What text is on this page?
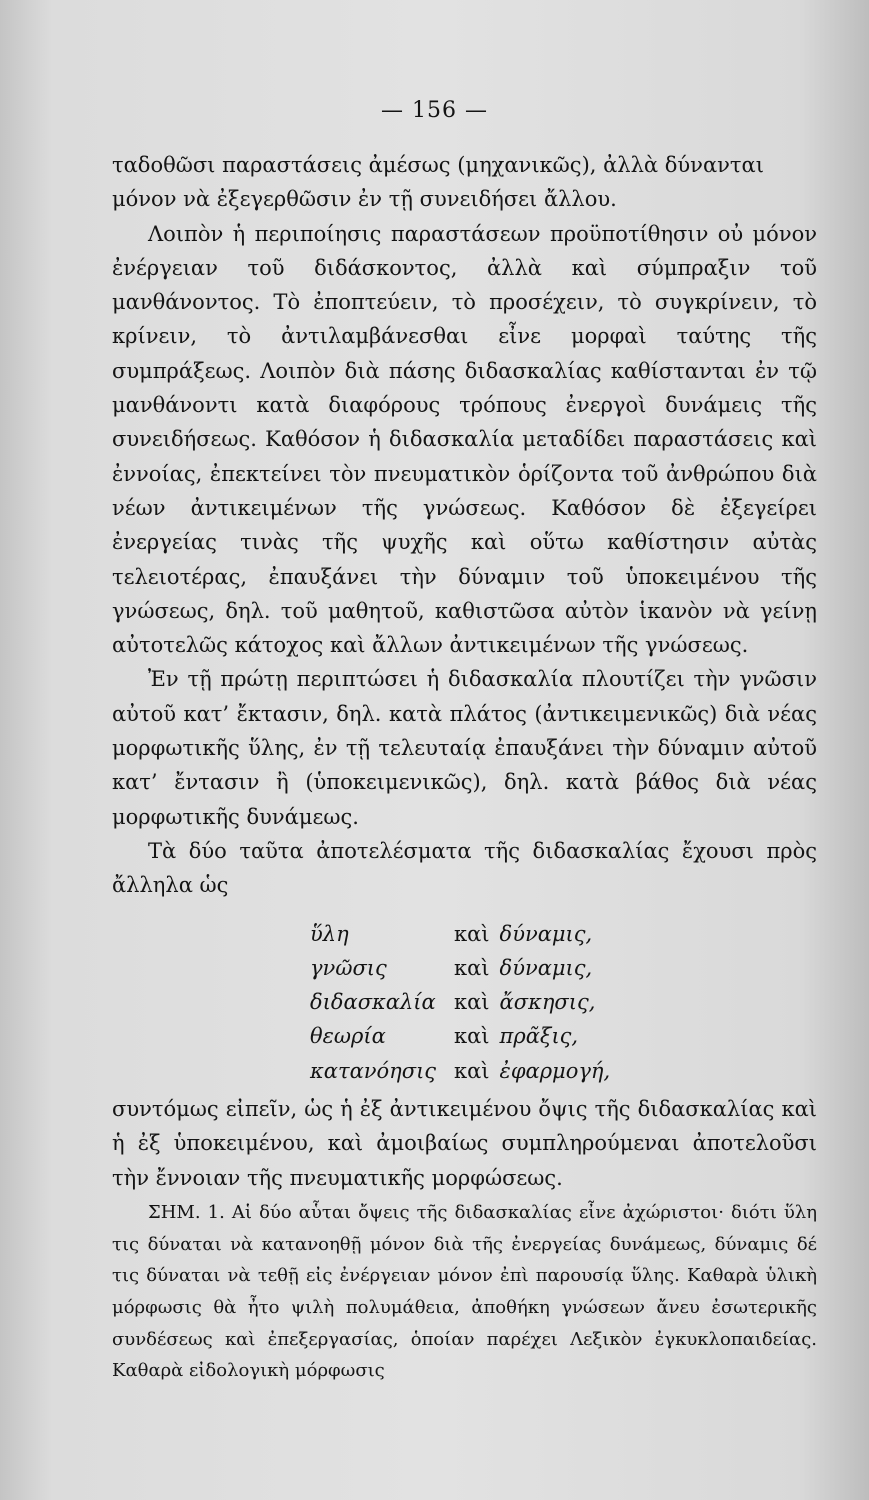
— 156 —

ταδοθῶσι παραστάσεις ἀμέσως (μηχανικῶς), ἀλλὰ δύνανται
μόνον νὰ ἐξεγερθῶσιν ἐν τῇ συνειδήσει ἄλλου.

Λοιπὸν ἡ περιποίησις παραστάσεων προϋποτίθησιν οὐ μόνον ἐνέργειαν τοῦ διδάσκοντος, ἀλλὰ καὶ σύμπραξιν τοῦ μανθάνοντος. Τὸ ἐποπτεύειν, τὸ προσέχειν, τὸ συγκρίνειν, τὸ κρίνειν, τὸ ἀντιλαμβάνεσθαι εἶνε μορφαὶ ταύτης τῆς συμπράξεως. Λοιπὸν διὰ πάσης διδασκαλίας καθίστανται ἐν τῷ μανθάνοντι κατὰ διαφόρους τρόπους ἐνεργοὶ δυνάμεις τῆς συνειδήσεως. Καθόσον ἡ διδασκαλία μεταδίδει παραστάσεις καὶ ἐννοίας, ἐπεκτείνει τὸν πνευματικὸν ὁρίζοντα τοῦ ἀνθρώπου διὰ νέων ἀντικειμένων τῆς γνώσεως. Καθόσον δὲ ἐξεγείρει ἐνεργείας τινὰς τῆς ψυχῆς καὶ οὕτω καθίστησιν αὐτὰς τελειοτέρας, ἐπαυξάνει τὴν δύναμιν τοῦ ὑποκειμένου τῆς γνώσεως, δηλ. τοῦ μαθητοῦ, καθιστῶσα αὐτὸν ἱκανὸν νὰ γείνῃ αὐτοτελῶς κάτοχος καὶ ἄλλων ἀντικειμένων τῆς γνώσεως.

Ἐν τῇ πρώτῃ περιπτώσει ἡ διδασκαλία πλουτίζει τὴν γνῶσιν αὐτοῦ κατ’ ἔκτασιν, δηλ. κατὰ πλάτος (ἀντικειμενικῶς) διὰ νέας μορφωτικῆς ὕλης, ἐν τῇ τελευταίᾳ ἐπαυξάνει τὴν δύναμιν αὐτοῦ κατ’ ἔντασιν ἢ (ὑποκειμενικῶς), δηλ. κατὰ βάθος διὰ νέας μορφωτικῆς δυνάμεως.

Τὰ δύο ταῦτα ἀποτελέσματα τῆς διδασκαλίας ἔχουσι πρὸς ἄλληλα ὡς

ὕλη	καὶ δύναμις,
γνῶσις	καὶ δύναμις,
διδασκαλία καὶ ἄσκησις,
θεωρία	καὶ πρᾶξις,
κατανόησις καὶ ἐφαρμογή,

συντόμως εἰπεῖν, ὡς ἡ ἐξ ἀντικειμένου ὄψις τῆς διδασκαλίας καὶ ἡ ἐξ ὑποκειμένου, καὶ ἀμοιβαίως συμπληρούμεναι ἀποτελοῦσι τὴν ἔννοιαν τῆς πνευματικῆς μορφώσεως.

ΣΗΜ. 1. Αἱ δύο αὗται ὄψεις τῆς διδασκαλίας εἶνε ἀχώριστοι· διότι ὕλη τις δύναται νὰ κατανοηθῇ μόνον διὰ τῆς ἐνεργείας δυνάμεως, δύναμις δέ τις δύναται νὰ τεθῇ εἰς ἐνέργειαν μόνον ἐπὶ παρουσίᾳ ὕλης. Καθαρὰ ὑλικὴ μόρφωσις θὰ ἦτο ψιλὴ πολυμάθεια, ἀποθήκη γνώσεων ἄνευ ἐσωτερικῆς συνδέσεως καὶ ἐπεξεργασίας, ὁποίαν παρέχει Λεξικὸν ἐγκυκλοπαιδείας. Καθαρὰ εἰδολογικὴ μόρφωσις
